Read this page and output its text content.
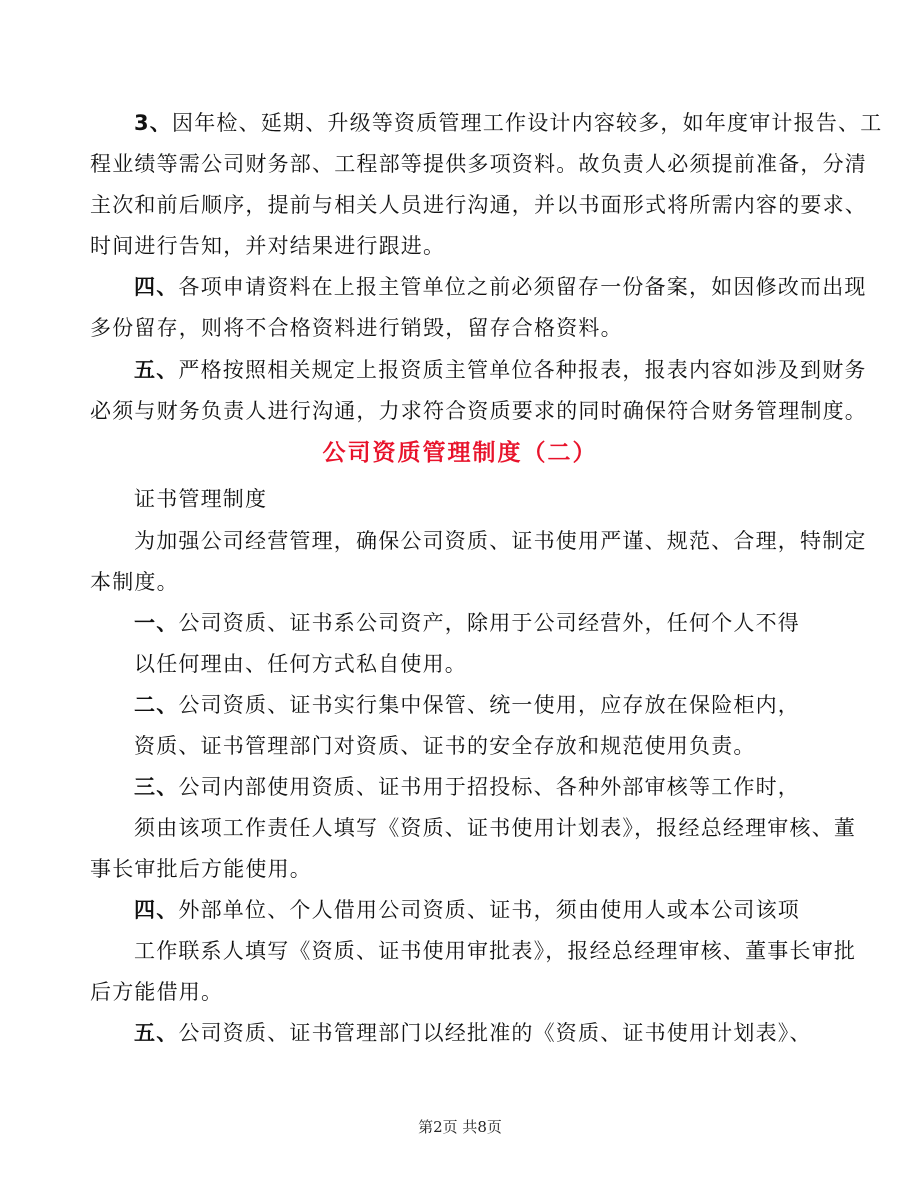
3、因年检、延期、升级等资质管理工作设计内容较多，如年度审计报告、工
程业绩等需公司财务部、工程部等提供多项资料。故负责人必须提前准备，分清
主次和前后顺序，提前与相关人员进行沟通，并以书面形式将所需内容的要求、
时间进行告知，并对结果进行跟进。
四、各项申请资料在上报主管单位之前必须留存一份备案，如因修改而出现
多份留存，则将不合格资料进行销毁，留存合格资料。
五、严格按照相关规定上报资质主管单位各种报表，报表内容如涉及到财务
必须与财务负责人进行沟通，力求符合资质要求的同时确保符合财务管理制度。
公司资质管理制度（二）
证书管理制度
为加强公司经营管理，确保公司资质、证书使用严谨、规范、合理，特制定
本制度。
一、公司资质、证书系公司资产，除用于公司经营外，任何个人不得
以任何理由、任何方式私自使用。
二、公司资质、证书实行集中保管、统一使用，应存放在保险柜内，
资质、证书管理部门对资质、证书的安全存放和规范使用负责。
三、公司内部使用资质、证书用于招投标、各种外部审核等工作时，
须由该项工作责任人填写《资质、证书使用计划表》，报经总经理审核、董
事长审批后方能使用。
四、外部单位、个人借用公司资质、证书，须由使用人或本公司该项
工作联系人填写《资质、证书使用审批表》，报经总经理审核、董事长审批
后方能借用。
五、公司资质、证书管理部门以经批准的《资质、证书使用计划表》、
第2页 共8页
